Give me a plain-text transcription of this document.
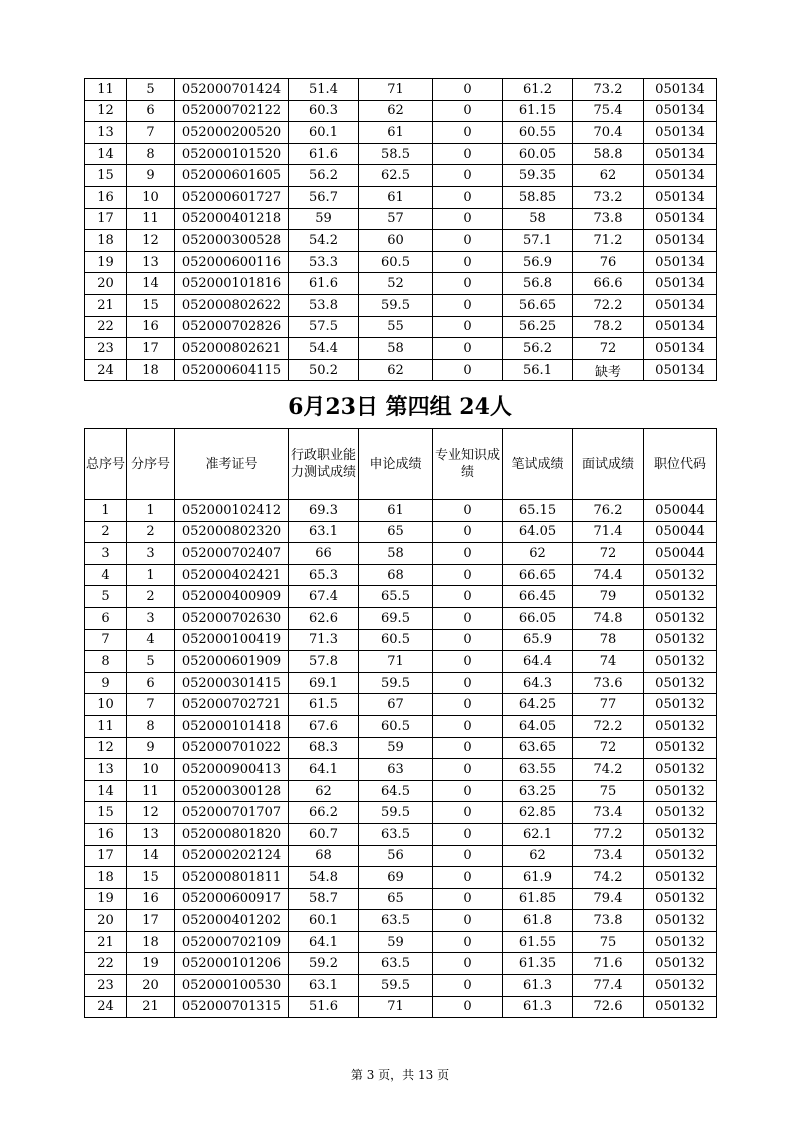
11	5	052000701424	51.4	71	0	61.2	73.2	050134
12	6	052000702122	60.3	62	0	61.15	75.4	050134
13	7	052000200520	60.1	61	0	60.55	70.4	050134
14	8	052000101520	61.6	58.5	0	60.05	58.8	050134
15	9	052000601605	56.2	62.5	0	59.35	62	050134
16	10	052000601727	56.7	61	0	58.85	73.2	050134
17	11	052000401218	59	57	0	58	73.8	050134
18	12	052000300528	54.2	60	0	57.1	71.2	050134
19	13	052000600116	53.3	60.5	0	56.9	76	050134
20	14	052000101816	61.6	52	0	56.8	66.6	050134
21	15	052000802622	53.8	59.5	0	56.65	72.2	050134
22	16	052000702826	57.5	55	0	56.25	78.2	050134
23	17	052000802621	54.4	58	0	56.2	72	050134
24	18	052000604115	50.2	62	0	56.1	缺考	050134
6月23日 第四组 24人
总序号	分序号	准考证号	行政职业能力测试成绩	申论成绩	专业知识成绩	笔试成绩	面试成绩	职位代码
1	1	052000102412	69.3	61	0	65.15	76.2	050044
2	2	052000802320	63.1	65	0	64.05	71.4	050044
3	3	052000702407	66	58	0	62	72	050044
4	1	052000402421	65.3	68	0	66.65	74.4	050132
5	2	052000400909	67.4	65.5	0	66.45	79	050132
6	3	052000702630	62.6	69.5	0	66.05	74.8	050132
7	4	052000100419	71.3	60.5	0	65.9	78	050132
8	5	052000601909	57.8	71	0	64.4	74	050132
9	6	052000301415	69.1	59.5	0	64.3	73.6	050132
10	7	052000702721	61.5	67	0	64.25	77	050132
11	8	052000101418	67.6	60.5	0	64.05	72.2	050132
12	9	052000701022	68.3	59	0	63.65	72	050132
13	10	052000900413	64.1	63	0	63.55	74.2	050132
14	11	052000300128	62	64.5	0	63.25	75	050132
15	12	052000701707	66.2	59.5	0	62.85	73.4	050132
16	13	052000801820	60.7	63.5	0	62.1	77.2	050132
17	14	052000202124	68	56	0	62	73.4	050132
18	15	052000801811	54.8	69	0	61.9	74.2	050132
19	16	052000600917	58.7	65	0	61.85	79.4	050132
20	17	052000401202	60.1	63.5	0	61.8	73.8	050132
21	18	052000702109	64.1	59	0	61.55	75	050132
22	19	052000101206	59.2	63.5	0	61.35	71.6	050132
23	20	052000100530	63.1	59.5	0	61.3	77.4	050132
24	21	052000701315	51.6	71	0	61.3	72.6	050132
第 3 页，共 13 页
